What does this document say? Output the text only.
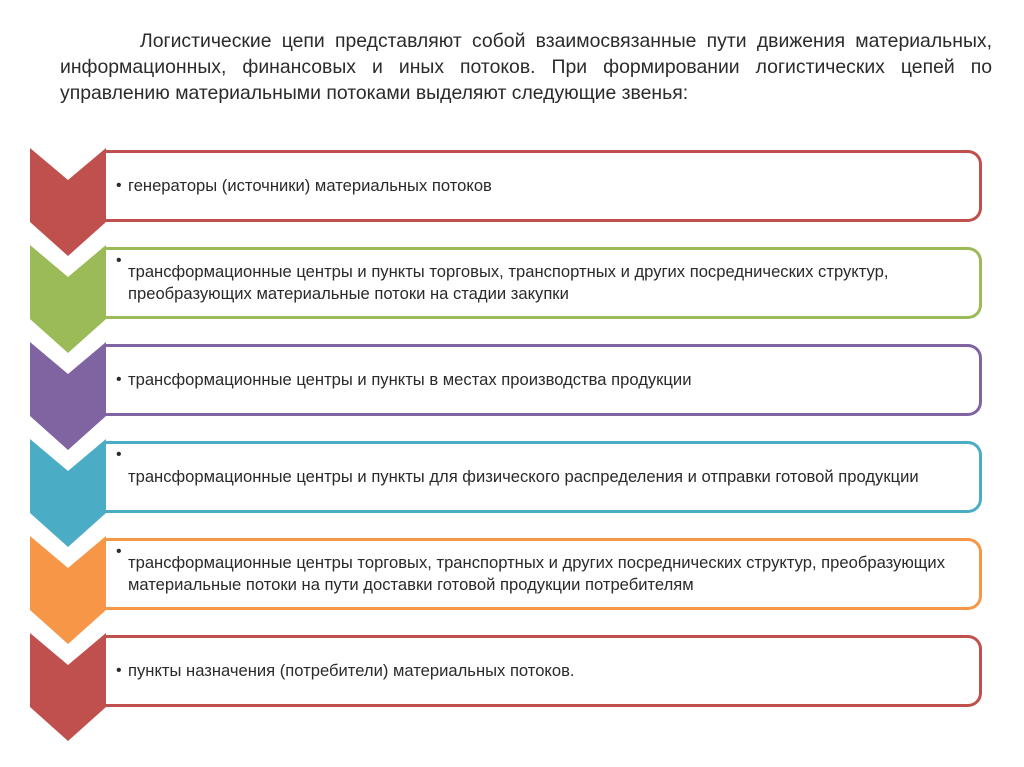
Логистические цепи представляют собой взаимосвязанные пути движения материальных, информационных, финансовых и иных потоков. При формировании логистических цепей по управлению материальными потоками выделяют следующие звенья:

• генераторы (источники) материальных потоков
•
трансформационные центры и пункты торговых, транспортных и других посреднических структур, преобразующих материальные потоки на стадии закупки
• трансформационные центры и пункты в местах производства продукции
•
трансформационные центры и пункты для физического распределения и отправки готовой продукции
•
трансформационные центры торговых, транспортных и других посреднических структур, преобразующих материальные потоки на пути доставки готовой продукции потребителям
• пункты назначения (потребители) материальных потоков.
